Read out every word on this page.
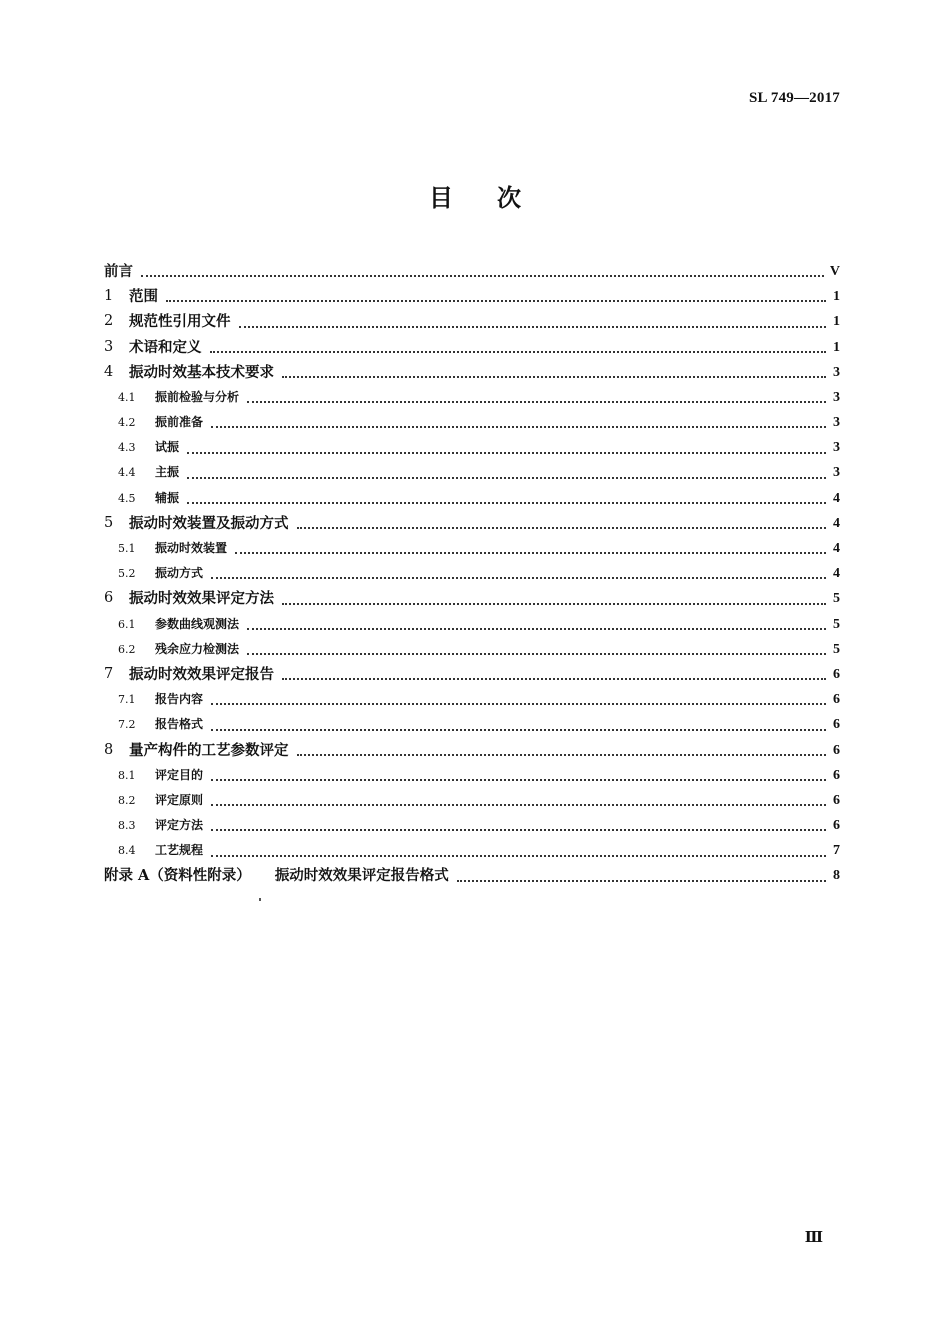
SL 749—2017
目 次
前言	V
1	范围	1
2	规范性引用文件	1
3	术语和定义	1
4	振动时效基本技术要求	3
4.1	振前检验与分析	3
4.2	振前准备	3
4.3	试振	3
4.4	主振	3
4.5	辅振	4
5	振动时效装置及振动方式	4
5.1	振动时效装置	4
5.2	振动方式	4
6	振动时效效果评定方法	5
6.1	参数曲线观测法	5
6.2	残余应力检测法	5
7	振动时效效果评定报告	6
7.1	报告内容	6
7.2	报告格式	6
8	量产构件的工艺参数评定	6
8.1	评定目的	6
8.2	评定原则	6
8.3	评定方法	6
8.4	工艺规程	7
附录 A（资料性附录） 振动时效效果评定报告格式	8
Ⅲ
